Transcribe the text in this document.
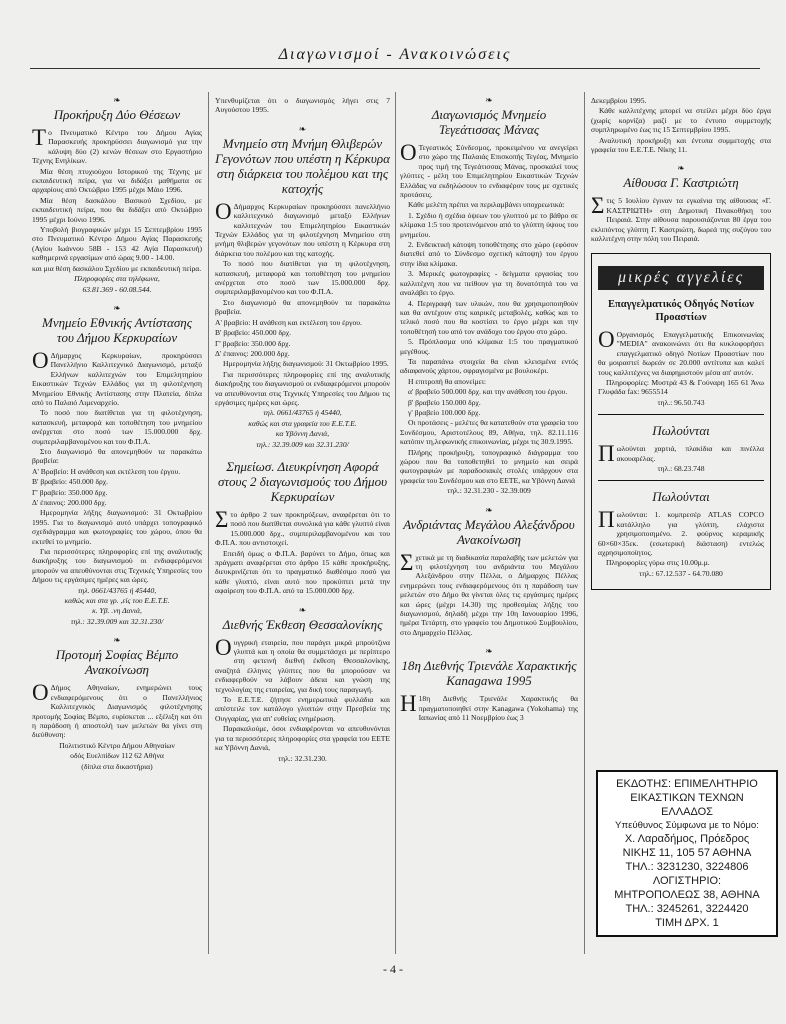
Διαγωνισμοί - Ανακοινώσεις
❧
Προκήρυξη Δύο Θέσεων

Το Πνευματικό Κέντρο του Δήμου Αγίας Παρασκευής προκηρύσσει διαγωνισμό για την κάλυψη δύο (2) κενών θέσεων στο Εργαστήριο Τέχνης Ενηλίκων.

Μία θέση πτυχιούχου Ιστορικού της Τέχνης με εκπαιδευτική πείρα, για να διδάξει μαθήματα σε αρχαρίους από Οκτώβριο 1995 μέχρι Μάιο 1996.

Μία θέση δασκάλου Βασικού Σχεδίου, με εκπαιδευτική πείρα, που θα διδάξει από Οκτώβριο 1995 μέχρι Ιούνιο 1996.

Υποβολή βιογραφικών μέχρι 15 Σεπτεμβρίου 1995 στο Πνευματικό Κέντρο Δήμου Αγίας Παρασκευής (Αγίου Ιωάννου 58Β - 153 42 Αγία Παρασκευή) καθημερινά εργασίμων από ώρας 9.00 - 14.00.

και μια θέση δασκάλου Σχεδίου με εκπαιδευτική πείρα.

Πληροφορίες στα τηλέφωνα,

63.81.369 - 60.08.544.

❧
Μνημείο Εθνικής Αντίστασης του Δήμου Κερκυραίων

Ο Δήμαρχος Κερκυραίων, προκηρύσσει Πανελλήνιο Καλλιτεχνικό Διαγωνισμό, μεταξύ Ελλήνων καλλιτεχνών του Επιμελητηρίου Εικαστικών Τεχνών Ελλάδος για τη φιλοτέχνηση Μνημείου Εθνικής Αντίστασης στην Πλατεία, δίπλα από το Παλαιό Λιμεναρχείο.

Το ποσό που διατίθεται για τη φιλοτέχνηση, κατασκευή, μεταφορά και τοποθέτηση του μνημείου ανέρχεται στο ποσό των 15.000.000 δρχ. συμπεριλαμβανομένου και του Φ.Π.Α.

Στο διαγωνισμό θα απονεμηθούν τα παρακάτω βραβεία:

Α' Βραβείο: Η ανάθεση και εκτέλεση του έργου.

Β' βραβείο: 450.000 δρχ.

Γ' βραβείο: 350.000 δρχ.

Δ' έπαινος: 200.000 δρχ.

Ημερομηνία λήξης διαγωνισμού: 31 Οκτωβρίου 1995. Για το διαγωνισμό αυτό υπάρχει τοπογραφικό σχεδιάγραμμα και φωτογραφίες του χώρου, όπου θα εκτεθεί το μνημείο.

Για περισσότερες πληροφορίες επί της αναλυτικής διακήρυξης του διαγωνισμού οι ενδιαφερόμενοι μπορούν να απευθύνονται στις Τεχνικές Υπηρεσίες του Δήμου τις εργάσιμες ημέρες και ώρες.

τηλ. 0661/43765 ή 45440,

καθώς και στα γρ. ,είς του Ε.Ε.Τ.Ε.

κ. Υβ. .νη Δανιά,

τηλ.: 32.39.009 και 32.31.230/

❧
Προτομή Σοφίας Βέμπο Ανακοίνωση

Ο Δήμος Αθηναίων, ενημερώνει τους ενδιαφερόμενους ότι ο Πανελλήνιος Καλλιτεχνικός Διαγωνισμός φιλοτέχνησης προτομής Σοφίας Βέμπο, ευρίσκεται ... εξέλιξη και ότι η παράδοση ή αποστολή των μελετών θα γίνει στη διεύθυνση:

Πολιτιστικό Κέντρο Δήμου Αθηναίων

οδός Ευελπίδων 112 62 Αθήνα

(δίπλα στα δικαστήρια)

Υπενθυμίζεται ότι ο διαγωνισμός λήγει στις 7 Αυγούστου 1995.

❧
Μνημείο στη Μνήμη Θλιβερών Γεγονότων που υπέστη η Κέρκυρα στη διάρκεια του πολέμου και της κατοχής

Ο Δήμαρχος Κερκυραίων προκηρύσσει πανελλήνιο καλλιτεχνικό διαγωνισμό μεταξύ Ελλήνων καλλιτεχνών του Επιμελητηρίου Εικαστικών Τεχνών Ελλάδος για τη φιλοτέχνηση Μνημείου στη μνήμη θλιβερών γεγονότων που υπέστη η Κέρκυρα στη διάρκεια του πολέμου και της κατοχής.

Το ποσό που διατίθεται για τη φιλοτέχνηση, κατασκευή, μεταφορά και τοποθέτηση του μνημείου ανέρχεται στο ποσό των 15.000.000 δρχ. συμπεριλαμβανομένου και του Φ.Π.Α.

Στο διαγωνισμό θα απονεμηθούν τα παρακάτω βραβεία.

Α' βραβείο: Η ανάθεση και εκτέλεση του έργου.

Β' βραβείο: 450.000 δρχ.

Γ' βραβείο: 350.000 δρχ.

Δ' έπαινος: 200.000 δρχ.

Ημερομηνία λήξης διαγωνισμού: 31 Οκτωβρίου 1995.

Για περισσότερες πληροφορίες επί της αναλυτικής διακήρυξης του διαγωνισμού οι ενδιαφερόμενοι μπορούν να απευθύνονται στις Τεχνικές Υπηρεσίες του Δήμου τις εργάσιμες ημέρες και ώρες.

τηλ. 0661/43765 ή 45440,

καθώς και στα γραφεία του Ε.Ε.Τ.Ε.

κα Υβόννη Δανιά,

τηλ.: 32.39.009 και 32.31.230/

Σημείωσ. Διευκρίνηση Αφορά στους 2 διαγωνισμούς του Δήμου Κερκυραίων

Στο άρθρο 2 των προκηρύξεων, αναφέρεται ότι το ποσό που διατίθεται συνολικά για κάθε γλυπτό είναι 15.000.000 δρχ., συμπεριλαμβανομένου και του Φ.Π.Α. που αντιστοιχεί.

Επειδή όμως ο Φ.Π.Α. βαρύνει το Δήμο, όπως και πράγματι αναφέρεται στο άρθρο 15 κάθε προκήρυξης, διευκρινίζεται ότι το πραγματικό διαθέσιμο ποσό για κάθε γλυπτό, είναι αυτό που προκύπτει μετά την αφαίρεση του Φ.Π.Α. από τα 15.000.000 δρχ.

❧
Διεθνής Έκθεση Θεσσαλονίκης

Ουγγρική εταιρεία, που παράγει μικρά μπρούτζινα γλυπτά και η οποία θα συμμετάσχει με περίπτερο στη φετεινή διεθνή έκθεση Θεσσαλονίκης, αναζητά έλληνες γλύπτες που θα μπορούσαν να ενδιαφερθούν να λάβουν άδεια και γνώση της τεχνολογίας της εταιρείας, για δική τους παραγωγή.

Το Ε.Ε.Τ.Ε. ζήτησε ενημερωτικά φυλλάδια και απέστειλε τον κατάλογο γλυπτών στην Πρεσβεία της Ουγγαρίας, για απ' ευθείας ενημέρωση.

Παρακαλούμε, όσοι ενδιαφέρονται να απευθυνόνται για τα περισσότερες πληροφορίες στα γραφεία του ΕΕΤΕ κα Υβόννη Δανιά,

τηλ.: 32.31.230.

❧
Διαγωνισμός Μνημείο Τεγεάτισσας Μάνας

Ο Τεγεατικός Σύνδεσμος, προκειμένου να ανεγείρει στο χώρο της Παλαιάς Επισκοπής Τεγέας, Μνημείο προς τιμή της Τεγεάτισσας Μάνας, προσκαλεί τους γλύπτες - μέλη του Επιμελητηρίου Εικαστικών Τεχνών Ελλάδας να εκδηλώσουν το ενδιαφέρον τους με σχετικές προτάσεις.

Κάθε μελέτη πρέπει να περιλαμβάνει υποχρεωτικά:

1. Σχέδιο ή σχέδια όψεων του γλυπτού με το βάθρο σε κλίμακα 1:5 του προτεινόμενου από το γλύπτη ύψους του μνημείου.

2. Ενδεικτική κάτοψη τοποθέτησης στο χώρο (εφόσον διατεθεί από το Σύνδεσμο σχετική κάτοψη) του έργου στην ίδια κλίμακα.

3. Μερικές φωτογραφίες - δείγματα εργασίας του καλλιτέχνη που να πείθουν για τη δυνατότητά του να αναλάβει το έργο.

4. Περιγραφή των υλικών, που θα χρησιμοποιηθούν και θα αντέχουν στις καιρικές μεταβολές, καθώς και το τελικό ποσό που θα κοστίσει το έργο μέχρι και την τοποθέτησή του από τον ανάδοχο του έργου στο χώρο.

5. Πρόπλασμα υπό κλίμακα 1:5 του πραγματικού μεγέθους.

Τα παραπάνω στοιχεία θα είναι κλεισμένα εντός αδιαφανούς χάρτου, σφραγισμένα με βουλοκέρι.

Η επιτροπή θα απονείμει:

α' βραβείο 500.000 δρχ. και την ανάθεση του έργου.

β' βραβείο 150.000 δρχ.

γ' βραβείο 100.000 δρχ.

Οι προτάσεις - μελέτες θα κατατεθούν στα γραφεία του Συνδέσμου, Αριστοτέλους 89, Αθήνα, τηλ. 82.11.116 κατόπιν τη,λεφωνικής επικοινωνίας, μέχρι τις 30.9.1995.

Πλήρης προκήρυξη, τοπογραφικό διάγραμμα του χώρου που θα τοποθετηθεί το μνημείο και σειρά φωτογραφιών με παραδοσιακές στολές υπάρχουν στα γραφεία του Συνδέσμου και στο ΕΕΤΕ, κα Υβόννη Δανιά

τηλ.: 32.31.230 - 32.39.009

❧
Ανδριάντας Μεγάλου Αλεξάνδρου Ανακοίνωση

Σχετικά με τη διαδικασία παραλαβής των μελετών για τη φιλοτέχνηση του ανδριάντα του Μεγάλου Αλεξάνδρου στην Πέλλα, ο Δήμαρχος Πέλλας ενημερώνει τους ενδιαφερόμενους ότι η παράδοση των μελετών στο Δήμο θα γίνεται όλες τις εργάσιμες ημέρες και ώρες (μέχρι 14.30) της προθεσμίας λήξης του διαγωνισμού, δηλαδή μέχρι την 10η Ιανουαρίου 1996, ημέρα Τετάρτη, στο γραφείο του Δημοτικού Συμβουλίου, στο Δημαρχείο Πέλλας.

❧
18η Διεθνής Τριενάλε Χαρακτικής Kanagawa 1995

Η 18η Διεθνής Τριενάλε Χαρακτικής θα πραγματοποιηθεί στην Kanagawa (Yokohama) της Ιαπωνίας από 11 Νοεμβρίου έως 3

Δεκεμβρίου 1995.

Κάθε καλλιτέχνης μπορεί να στείλει μέχρι δύο έργα (χωρίς κορνίζα) μαζί με το έντυπο συμμετοχής συμπληρωμένο έως τις 15 Σεπτεμβρίου 1995.

Αναλυτική προκήρυξη και έντυπα συμμετοχής στα γραφεία του Ε.Ε.Τ.Ε. Νίκης 11.

❧
Αίθουσα Γ. Καστριώτη

Στις 5 Ιουλίου έγιναν τα εγκαίνια της αίθουσας «Γ. ΚΑΣΤΡΙΩΤΗ» στη Δημοτική Πινακοθήκη του Πειραιά. Στην αίθουσα παρουσιάζονται 80 έργα του εκλιπόντος γλύπτη Γ. Καστριώτη, δωρεά της συζύγου του καλλιτέχνη στην πόλη του Πειραιά.

μικρές αγγελίες
Επαγγελματικός Οδηγός Νοτίων Προαστίων

Ο Οργανισμός Επαγγελματικής Επικοινωνίας "MEDIA" ανακοινώνει ότι θα κυκλοφορήσει επαγγελματικό οδηγό Νοτίων Προαστίων που θα μοιραστεί δωρεάν σε 20.000 αντίτυπα και καλεί τους καλλιτέχνες να διαφημιστούν μέσα απ' αυτόν.

Πληροφορίες: Μυστρά 43 & Γούναρη 165 61 Άνω Γλυφάδα fax: 9655514

τηλ.: 96.50.743

Πωλούνται

Πωλούνται χαρτιά, πλακίδια και πινέλλα ακουαρέλας.

τηλ.: 68.23.748

Πωλούνται

Πωλούνται: 1. κομπρεσέρ ATLAS COPCO κατάλληλο για γλύπτη, ελάχιστα χρησιμοποιημένο. 2. φούρνος κεραμικής 60×60×35εκ. (εσωτερική διάσταση) εντελώς αχρησιμοποίητος.

Πληροφορίες γύρω στις 10.00μ.μ.

τηλ.: 67.12.537 - 64.70.080

ΕΚΔΟΤΗΣ: ΕΠΙΜΕΛΗΤΗΡΙΟ
ΕΙΚΑΣΤΙΚΩΝ ΤΕΧΝΩΝ
ΕΛΛΑΔΟΣ
Υπεύθυνος Σύμφωνα με το Νόμο:
Χ. Λαραδήμος, Πρόεδρος
ΝΙΚΗΣ 11, 105 57 ΑΘΗΝΑ
ΤΗΛ.: 3231230, 3224806
ΛΟΓΙΣΤΗΡΙΟ:
ΜΗΤΡΟΠΟΛΕΩΣ 38, ΑΘΗΝΑ
ΤΗΛ.: 3245261, 3224420
ΤΙΜΗ ΔΡΧ. 1
- 4 -
